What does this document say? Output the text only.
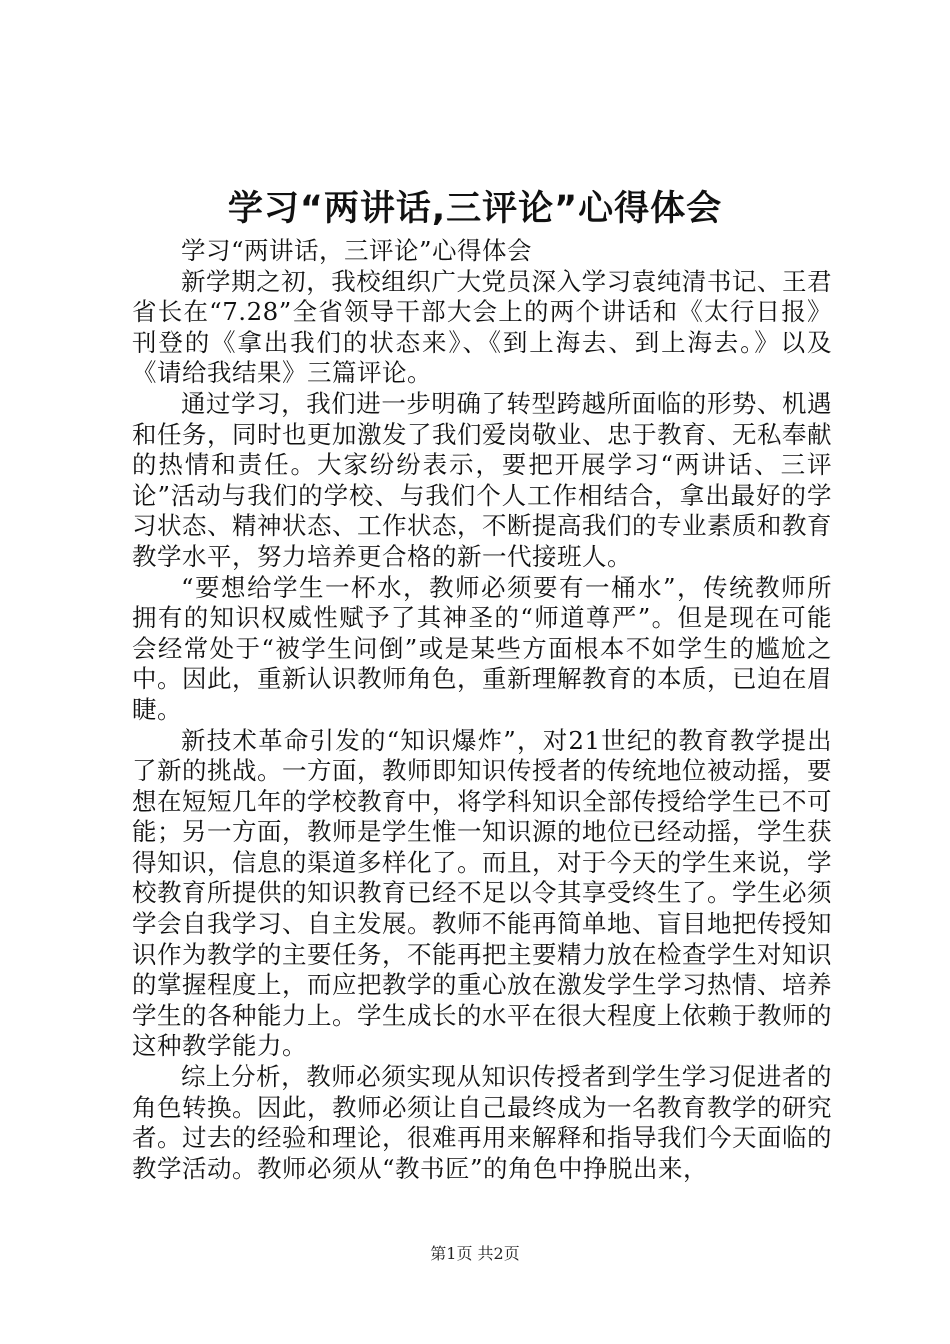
学习“两讲话,三评论”心得体会

学习“两讲话，三评论”心得体会

新学期之初，我校组织广大党员深入学习袁纯清书记、王君省长在“7.28”全省领导干部大会上的两个讲话和《太行日报》刊登的《拿出我们的状态来》、《到上海去、到上海去。》以及《请给我结果》三篇评论。

通过学习，我们进一步明确了转型跨越所面临的形势、机遇和任务，同时也更加激发了我们爱岗敬业、忠于教育、无私奉献的热情和责任。大家纷纷表示，要把开展学习“两讲话、三评论”活动与我们的学校、与我们个人工作相结合，拿出最好的学习状态、精神状态、工作状态，不断提高我们的专业素质和教育教学水平，努力培养更合格的新一代接班人。

“要想给学生一杯水，教师必须要有一桶水”，传统教师所拥有的知识权威性赋予了其神圣的“师道尊严”。但是现在可能会经常处于“被学生问倒”或是某些方面根本不如学生的尴尬之中。因此，重新认识教师角色，重新理解教育的本质，已迫在眉睫。

新技术革命引发的“知识爆炸”，对21世纪的教育教学提出了新的挑战。一方面，教师即知识传授者的传统地位被动摇，要想在短短几年的学校教育中，将学科知识全部传授给学生已不可能；另一方面，教师是学生惟一知识源的地位已经动摇，学生获得知识，信息的渠道多样化了。而且，对于今天的学生来说，学校教育所提供的知识教育已经不足以令其享受终生了。学生必须学会自我学习、自主发展。教师不能再简单地、盲目地把传授知识作为教学的主要任务，不能再把主要精力放在检查学生对知识的掌握程度上，而应把教学的重心放在激发学生学习热情、培养学生的各种能力上。学生成长的水平在很大程度上依赖于教师的这种教学能力。

综上分析，教师必须实现从知识传授者到学生学习促进者的角色转换。因此，教师必须让自己最终成为一名教育教学的研究者。过去的经验和理论，很难再用来解释和指导我们今天面临的教学活动。教师必须从“教书匠”的角色中挣脱出来，

第1页 共2页
